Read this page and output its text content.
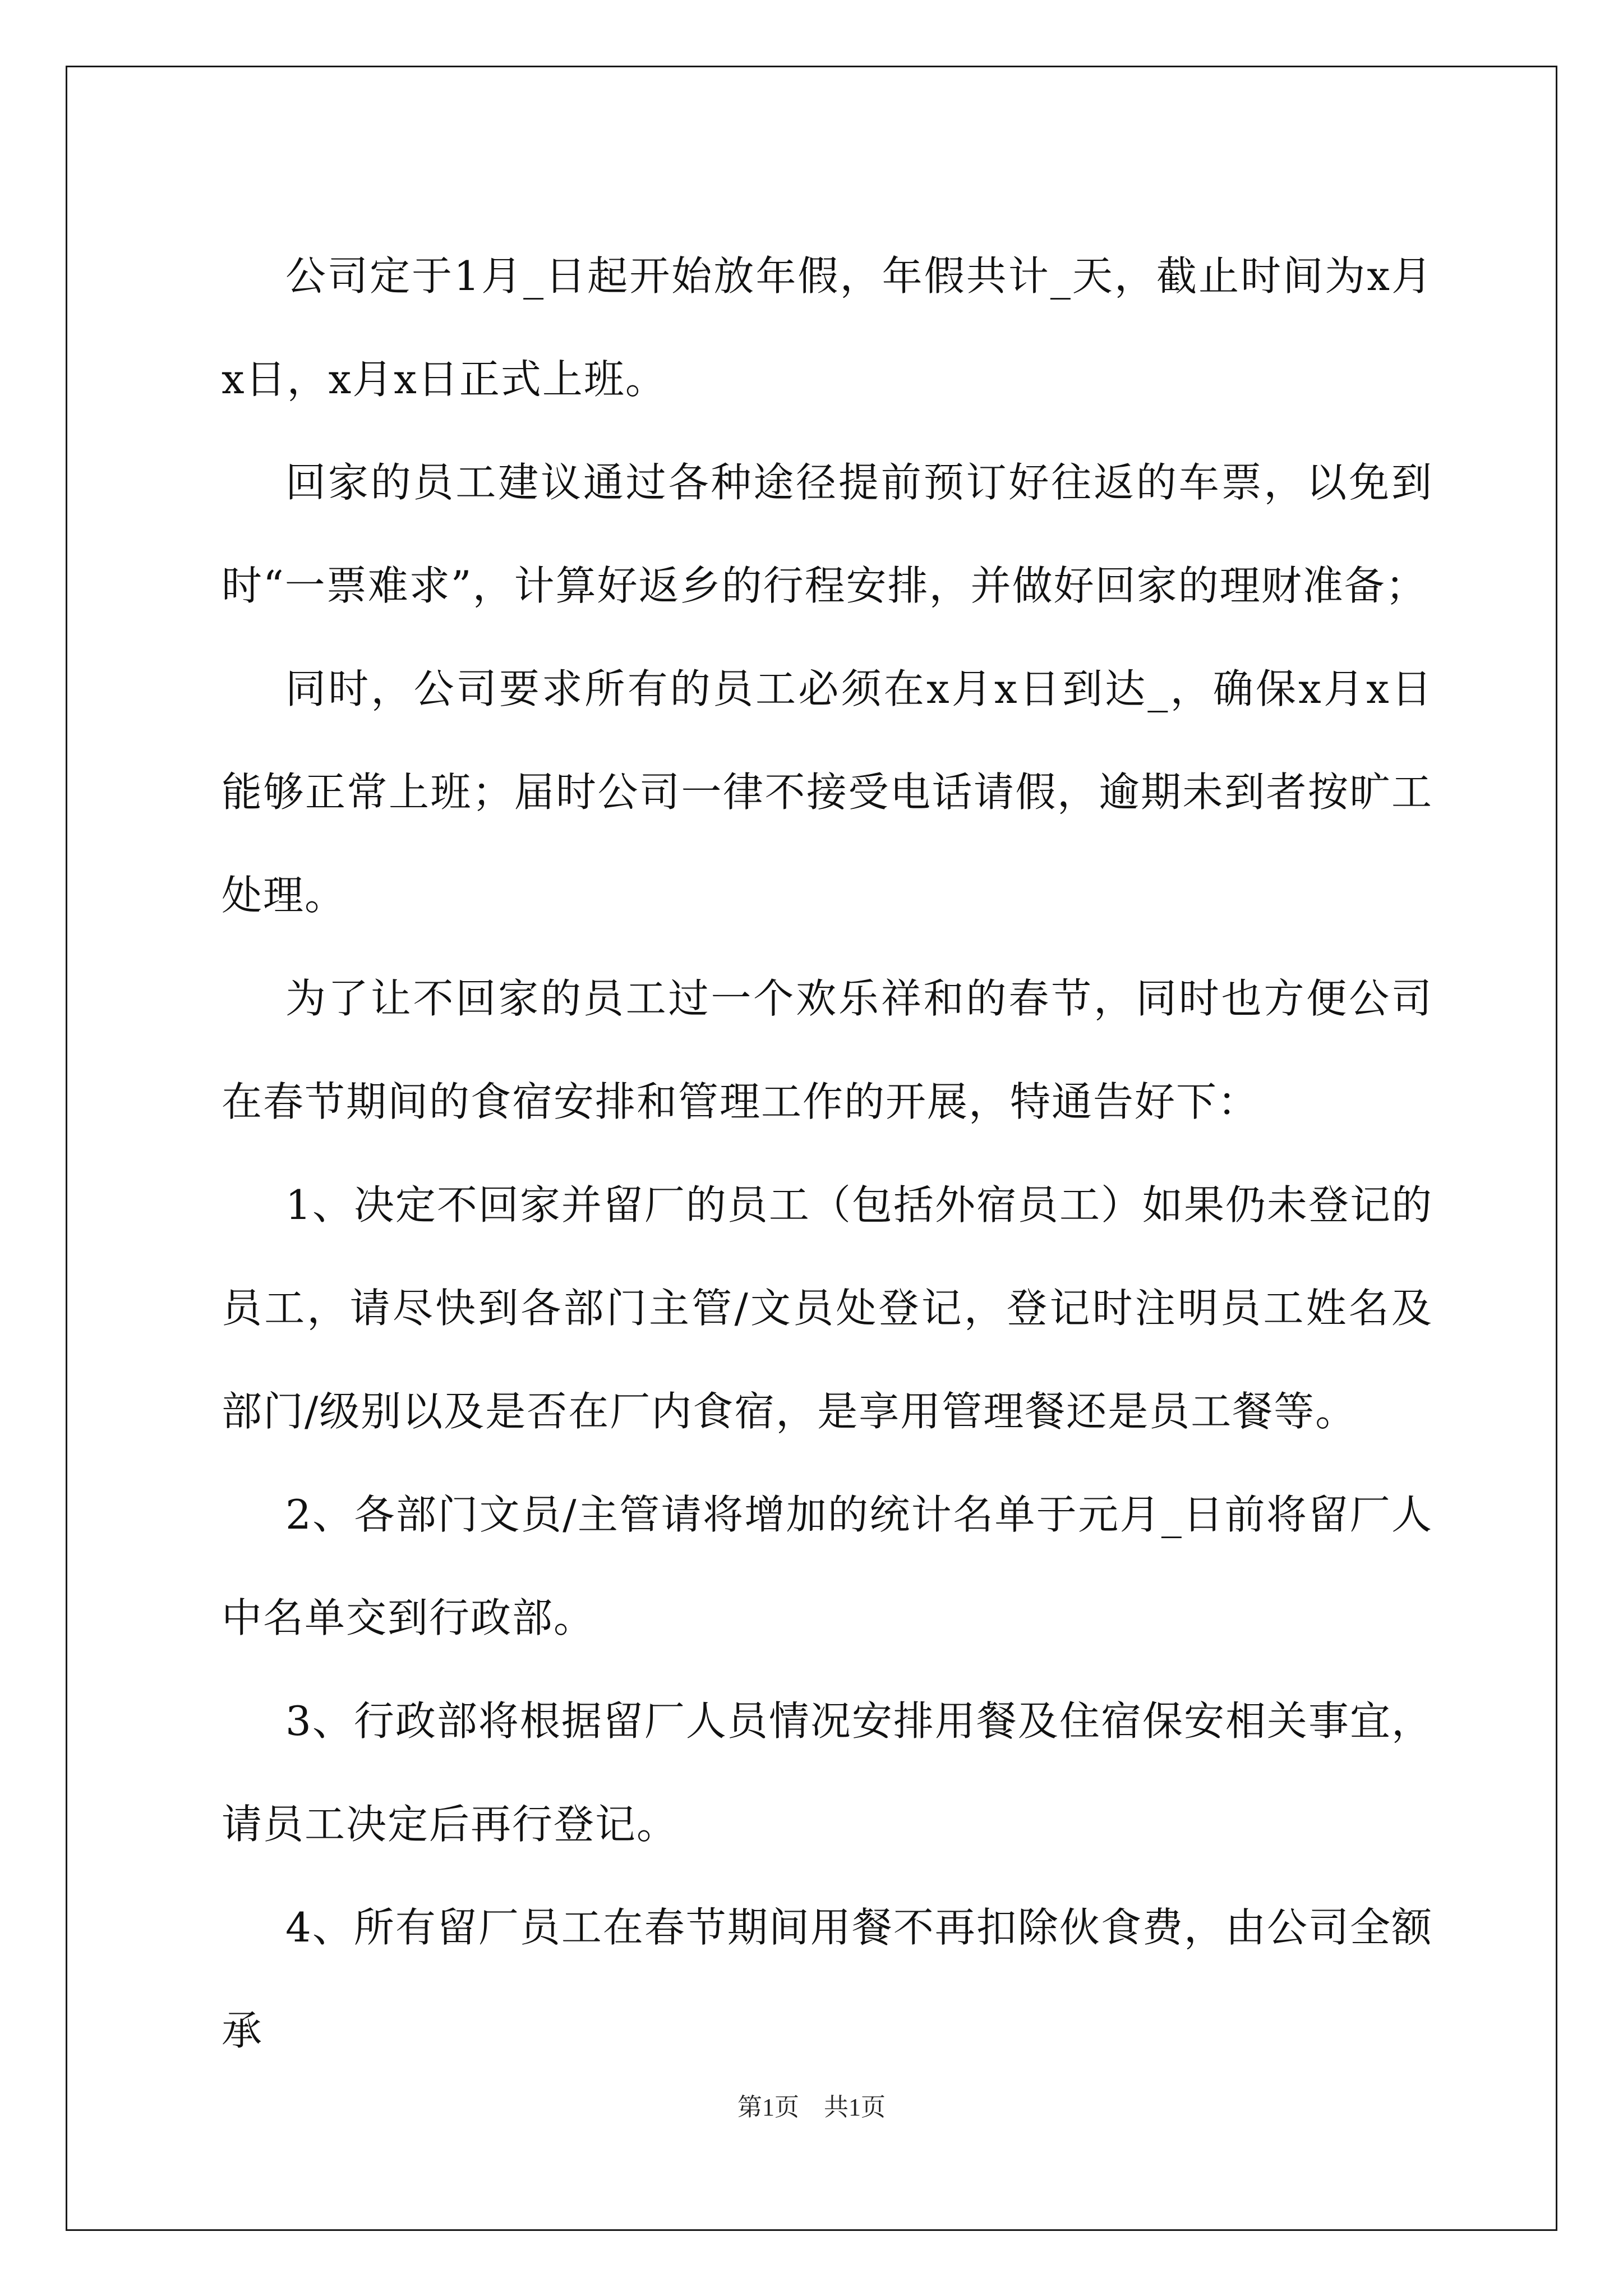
公司定于1月_日起开始放年假，年假共计_天，截止时间为x月x日，x月x日正式上班。

回家的员工建议通过各种途径提前预订好往返的车票，以免到时“一票难求”，计算好返乡的行程安排，并做好回家的理财准备；

同时，公司要求所有的员工必须在x月x日到达_，确保x月x日能够正常上班；届时公司一律不接受电话请假，逾期未到者按旷工处理。

为了让不回家的员工过一个欢乐祥和的春节，同时也方便公司在春节期间的食宿安排和管理工作的开展，特通告好下：

1、决定不回家并留厂的员工（包括外宿员工）如果仍未登记的员工，请尽快到各部门主管/文员处登记，登记时注明员工姓名及部门/级别以及是否在厂内食宿，是享用管理餐还是员工餐等。

2、各部门文员/主管请将增加的统计名单于元月_日前将留厂人中名单交到行政部。

3、行政部将根据留厂人员情况安排用餐及住宿保安相关事宜，请员工决定后再行登记。

4、所有留厂员工在春节期间用餐不再扣除伙食费，由公司全额承

第1页　共1页
